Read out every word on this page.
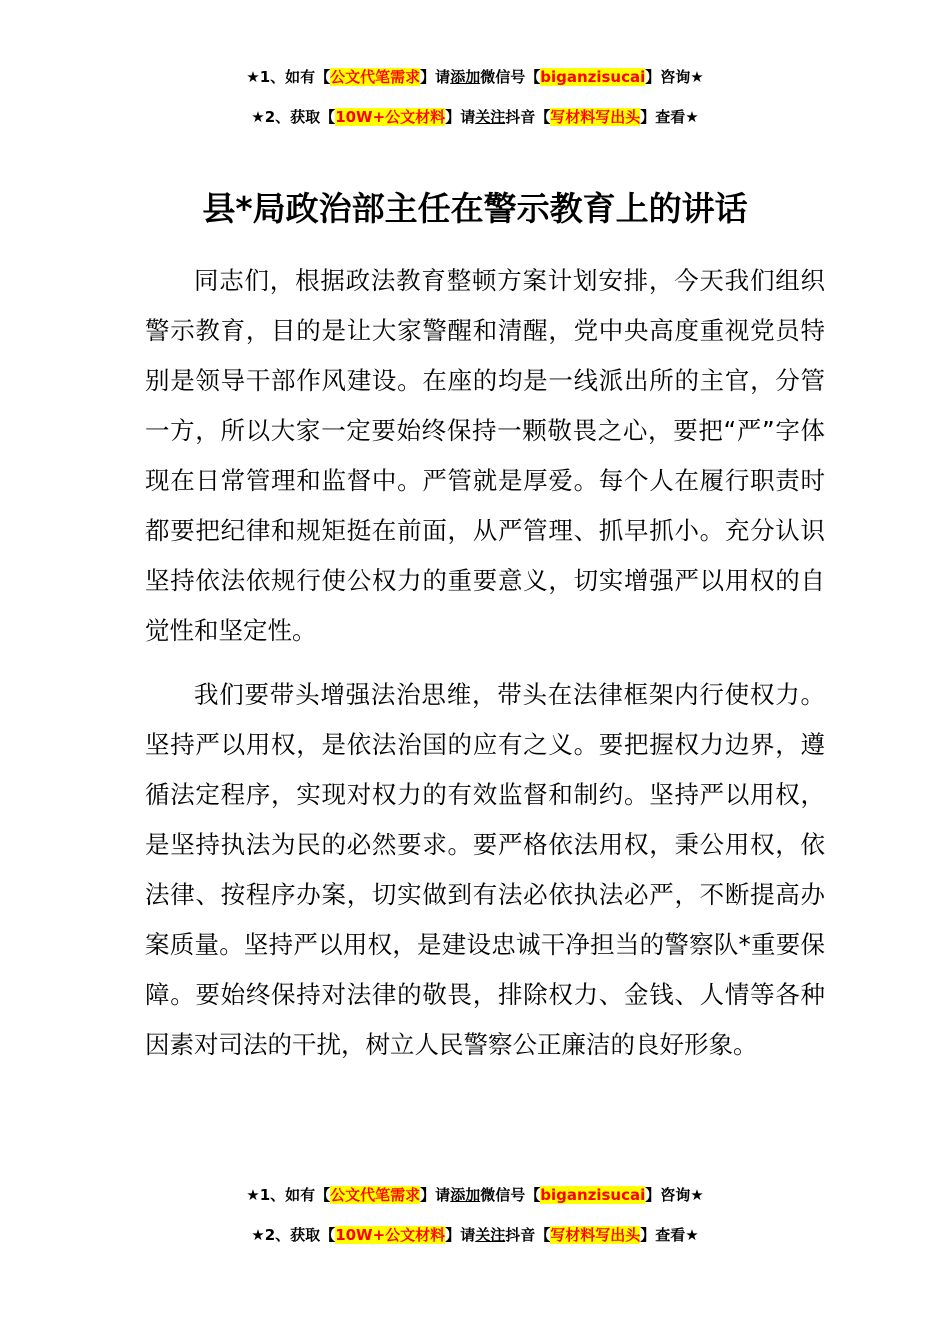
★1、如有【公文代笔需求】请添加微信号【biganzisucai】咨询★
★2、获取【10W+公文材料】请关注抖音【写材料写出头】查看★
县*局政治部主任在警示教育上的讲话

同志们，根据政法教育整顿方案计划安排，今天我们组织警示教育，目的是让大家警醒和清醒，党中央高度重视党员特别是领导干部作风建设。在座的均是一线派出所的主官，分管一方，所以大家一定要始终保持一颗敬畏之心，要把“严”字体现在日常管理和监督中。严管就是厚爱。每个人在履行职责时都要把纪律和规矩挺在前面，从严管理、抓早抓小。充分认识坚持依法依规行使公权力的重要意义，切实增强严以用权的自觉性和坚定性。

我们要带头增强法治思维，带头在法律框架内行使权力。坚持严以用权，是依法治国的应有之义。要把握权力边界，遵循法定程序，实现对权力的有效监督和制约。坚持严以用权，是坚持执法为民的必然要求。要严格依法用权，秉公用权，依法律、按程序办案，切实做到有法必依执法必严，不断提高办案质量。坚持严以用权，是建设忠诚干净担当的警察队*重要保障。要始终保持对法律的敬畏，排除权力、金钱、人情等各种因素对司法的干扰，树立人民警察公正廉洁的良好形象。

★1、如有【公文代笔需求】请添加微信号【biganzisucai】咨询★
★2、获取【10W+公文材料】请关注抖音【写材料写出头】查看★
